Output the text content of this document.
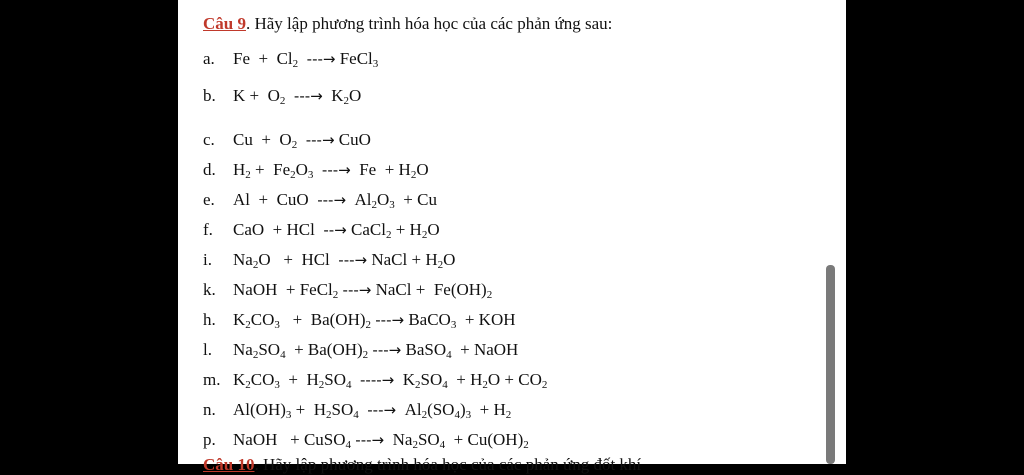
Câu 9. Hãy lập phương trình hóa học của các phản ứng sau:
a. $Fe + Cl_2$ ---→ FeCl$_3$
b. $K + O_2$ ---→  $K_2O$
c. $Cu + O_2$ ---→ CuO
d. $H_2 + Fe_2O_3$ ---→  $Fe + H_2O$
e. Al  +  CuO  ---→  $Al_2O_3 + Cu$
f. CaO  + HCl  --→ CaCl$_2$ + $H_2O$
i. $Na_2O$   +  HCl  ---→ NaCl + $H_2O$
k. NaOH  + FeCl$_2$ ---→ NaCl +  $Fe(OH)_2$
h. $K_2CO_3 + Ba(OH)_2$ ---→ BaCO$_3$  + KOH
l. $Na_2SO_4 + Ba(OH)_2$ ---→ BaSO$_4$  + NaOH
m. $K_2CO_3 + H_2SO_4$ ----→  $K_2SO_4 + H_2O + CO_2$
n. $Al(OH)_3 + H_2SO_4$ ---→  $Al_2(SO_4)_3 + H_2$
p. NaOH   + CuSO$_4$ ---→  $Na_2SO_4 + Cu(OH)_2$
Câu 10. Hãy lập phương trình hóa học của các phản ứng đốt khí
